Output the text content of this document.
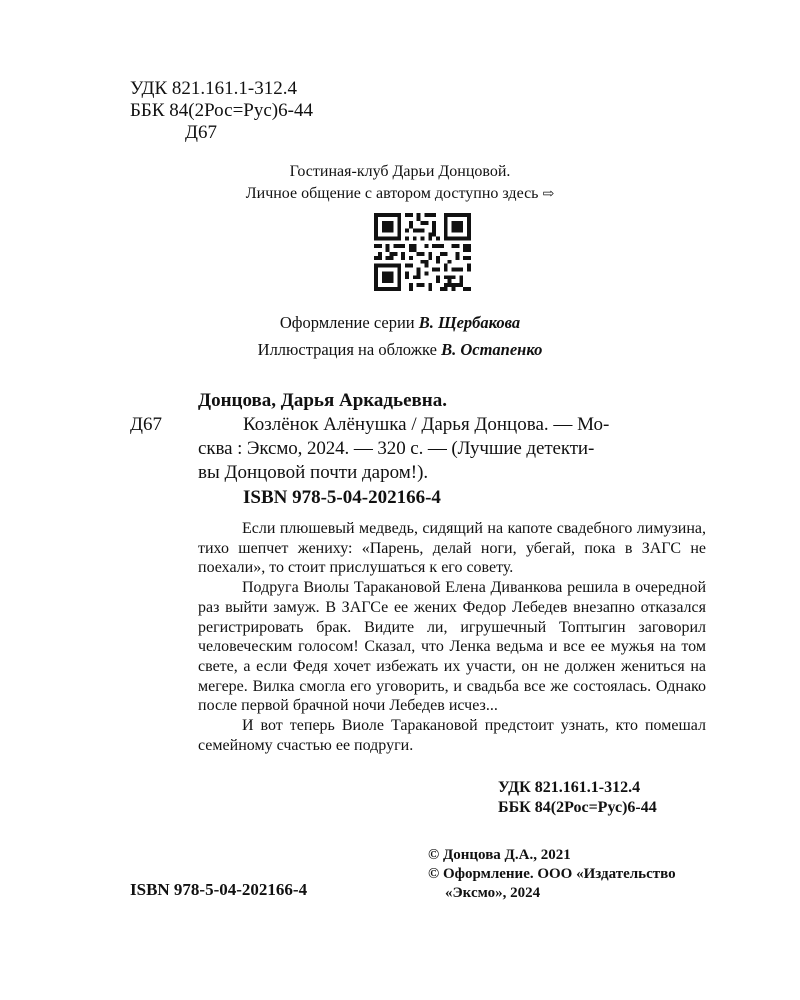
УДК 821.161.1-312.4
ББК 84(2Рос=Рус)6-44
Д67
Гостиная-клуб Дарьи Донцовой.
Личное общение с автором доступно здесь ⇨
Оформление серии В. Щербакова
Иллюстрация на обложке В. Остапенко
Донцова, Дарья Аркадьевна.
Д67	Козлёнок Алёнушка / Дарья Донцова. — Мо-
сква : Эксмо, 2024. — 320 с. — (Лучшие детекти-
вы Донцовой почти даром!).
ISBN 978-5-04-202166-4

Если плюшевый медведь, сидящий на капоте свадебного лимузина, тихо шепчет жениху: «Парень, делай ноги, убегай, пока в ЗАГС не поехали», то стоит прислушаться к его совету.

Подруга Виолы Таракановой Елена Диванкова решила в очередной раз выйти замуж. В ЗАГСе ее жених Федор Лебедев внезапно отказался регистрировать брак. Видите ли, игрушечный Топтыгин заговорил человеческим голосом! Сказал, что Ленка ведьма и все ее мужья на том свете, а если Федя хочет избежать их участи, он не должен жениться на мегере. Вилка смогла его уговорить, и свадьба все же состоялась. Однако после первой брачной ночи Лебедев исчез...

И вот теперь Виоле Таракановой предстоит узнать, кто помешал семейному счастью ее подруги.

УДК 821.161.1-312.4
ББК 84(2Рос=Рус)6-44
ISBN 978-5-04-202166-4
© Донцова Д.А., 2021
© Оформление. ООО «Издательство
«Эксмо», 2024
